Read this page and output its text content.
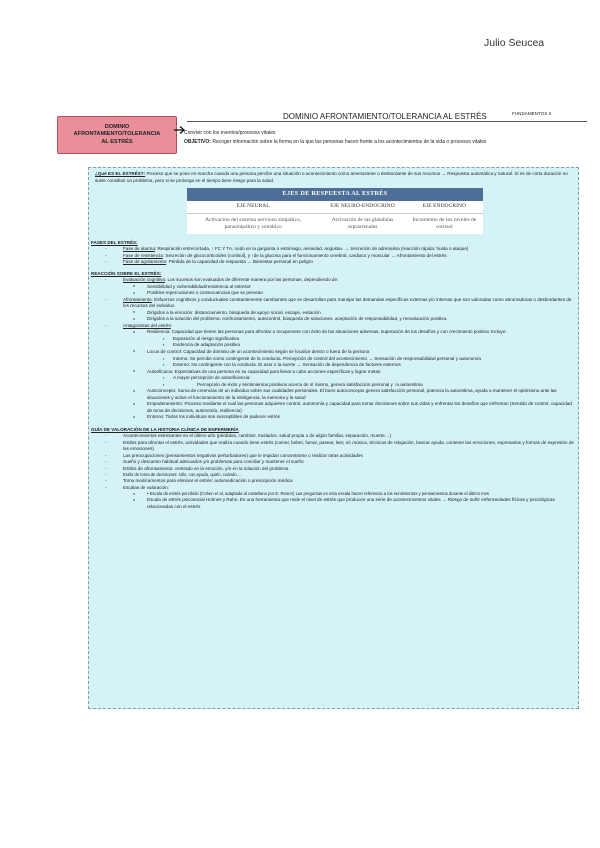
Julio Seucea
DOMINIO
AFRONTAMIENTO/TOLERANCIA
AL ESTRÉS
DOMINIO AFRONTAMIENTO/TOLERANCIA AL ESTRÉS	FUNDAMENTOS II
Convivir con los eventos/procesos vitales
OBJETIVO: Recoger información sobre la forma en la que las personas hacen frente a los acontecimientos de la vida o procesos vitales

¿Qué ES EL ESTRÉS?: Proceso que se pone en marcha cuando una persona percibe una situación o acontecimiento como amenazante o desbordante de sus recursos → Respuesta automática y natural. Si es de corta duración no suele constituir un problema, pero si se prolonga en el tiempo tiene riesgo para la salud.

EJES DE RESPUESTA AL ESTRÉS		
EJE NEURAL	EJE NEURO-ENDOCRINO	EJE ENDOCRINO
Activación del sistema nervioso simpático, parasimpático y somático	Activación de las glándulas suprarrenales	Incremento de los niveles de cortisol

FASES DEL ESTRÉS:

- Fase de alarma: Respiración entrecortada, ↑ FC Y TA, nudo en la garganta o estómago, ansiedad, angustia. → Secreción de adrenalina (reacción rápida: huida o ataque)

- Fase de resistencia: Secreción de glucocorticoides (cortisol), y ↑de la glucosa para el funcionamiento cerebral, cardiaco y muscular → Afrontamiento del estrés

- Fase de agotamiento: Pérdida de la capacidad de respuesta → Bienestar personal en peligro

REACCIÓN SOBRE EL ESTRÉS:

- Evaluación cognitiva: Los sucesos son evaluados de diferente manera por las personas, dependiendo de:

o Sensibilidad y vulnerabilidad/resistencia al estresor

o Posibles repercusiones o consecuencias que se prevean

- Afrontamiento: Esfuerzos cognitivos y conductuales constantemente cambiantes que se desarrollan para manejar las demandas específicas externas y/o internas que son valoradas como abrumadoras o desbordantes de los recursos del individuo

o Dirigidos a la emoción: distanciamiento, búsqueda de apoyo social, escape, evitación

o Dirigidos a la solución del problema: confrontamiento, autocontrol, búsqueda de soluciones, aceptación de responsabilidad, y reevaluación positiva.

- Antagonistas del estrés:

o Resiliencia: Capacidad que tienen las personas para afrontar o recuperarse con éxito de las situaciones adversas, superación de los desafíos y con crecimiento positivo Incluye:

▪ Exposición al riesgo significativa

▪ Evidencia de adaptación positiva

o Locus de control: Capacidad de dominio de un acontecimiento según se localice dentro o fuera de la persona

▪ Interno: Se percibe como contingente de la conducta. Percepción de control del acontecimiento → Sensación de responsabilidad personal y autonomía

▪ Externo: No contingente con la conducta. El azar o la suerte → Sensación de dependencia de factores externos

o Autoeficacia: Expectativas de una persona en su capacidad para llevar a cabo acciones específicas y lograr metas

▪ A mayor percepción de autoeficiencia:

▪ Percepción de éxito y sentimientos positivos acerca de sí mismo, genera satisfacción personal y ↑a autoestima

o Autoconcepto: Suma de creencias de un individuo sobre sus cualidades personales. El buen autoconcepto genera satisfacción personal, potencia la autoestima, ayuda a mantener el optimismo ante las situaciones y active el funcionamiento de la inteligencia, la memoria y la salud

o Empoderamiento: Proceso mediante el cual las personas adquieren control, autonomía y capacidad para tomar decisiones sobre sus vidas y enfrentar los desafíos que enfrentan (Sentido de control, capacidad de toma de decisiones, autonomía, resiliencia)

o Entorno: Todos los individuos son susceptibles de padecer estrés

GUÍA DE VALORACIÓN DE LA HISTORIA CLÍNICA DE ENFERMERÍA

- Acontecimientos estresantes en el último año (pérdidas, cambios, traslados, salud propia o de algún familiar, separación, muerte…)

- Estilos para afrontar el estrés, actividades que realiza cuando tiene estrés (comer, beber, fumar, pasear, leer, oír música, técnicas de relajación, buscar ayuda, contener las emociones, expresarlas y formas de expresión de las emociones)

- Las preocupaciones (pensamientos negativos perturbadores) que le impidan concentrarse o realizar otras actividades

- Sueño y descanso habitual adecuados y/o problemas para conciliar y mantener el sueño

- Estilos de afrontamiento: centrado en la emoción, y/o en la solución del problema

- Estilo de toma de decisiones: sólo, con ayuda, quién, cuándo…

- Toma medicamentos para eliminar el estrés: automedicación o prescripción médica

- Escalas de valoración:

o • Escala de estrés percibido (Cohen et al, adaptada al castellano por E. Remor) Las preguntas en esta escala hacen referencia a los sentimientos y pensamientos durante el último mes

o Escala de estrés psicosocial Holmes y Rahe. Es una herramienta que mide el nivel de estrés que producen una serie de acontecimientos vitales → Riesgo de sufrir enfermedades físicas y psicológicas relacionadas con el estrés
